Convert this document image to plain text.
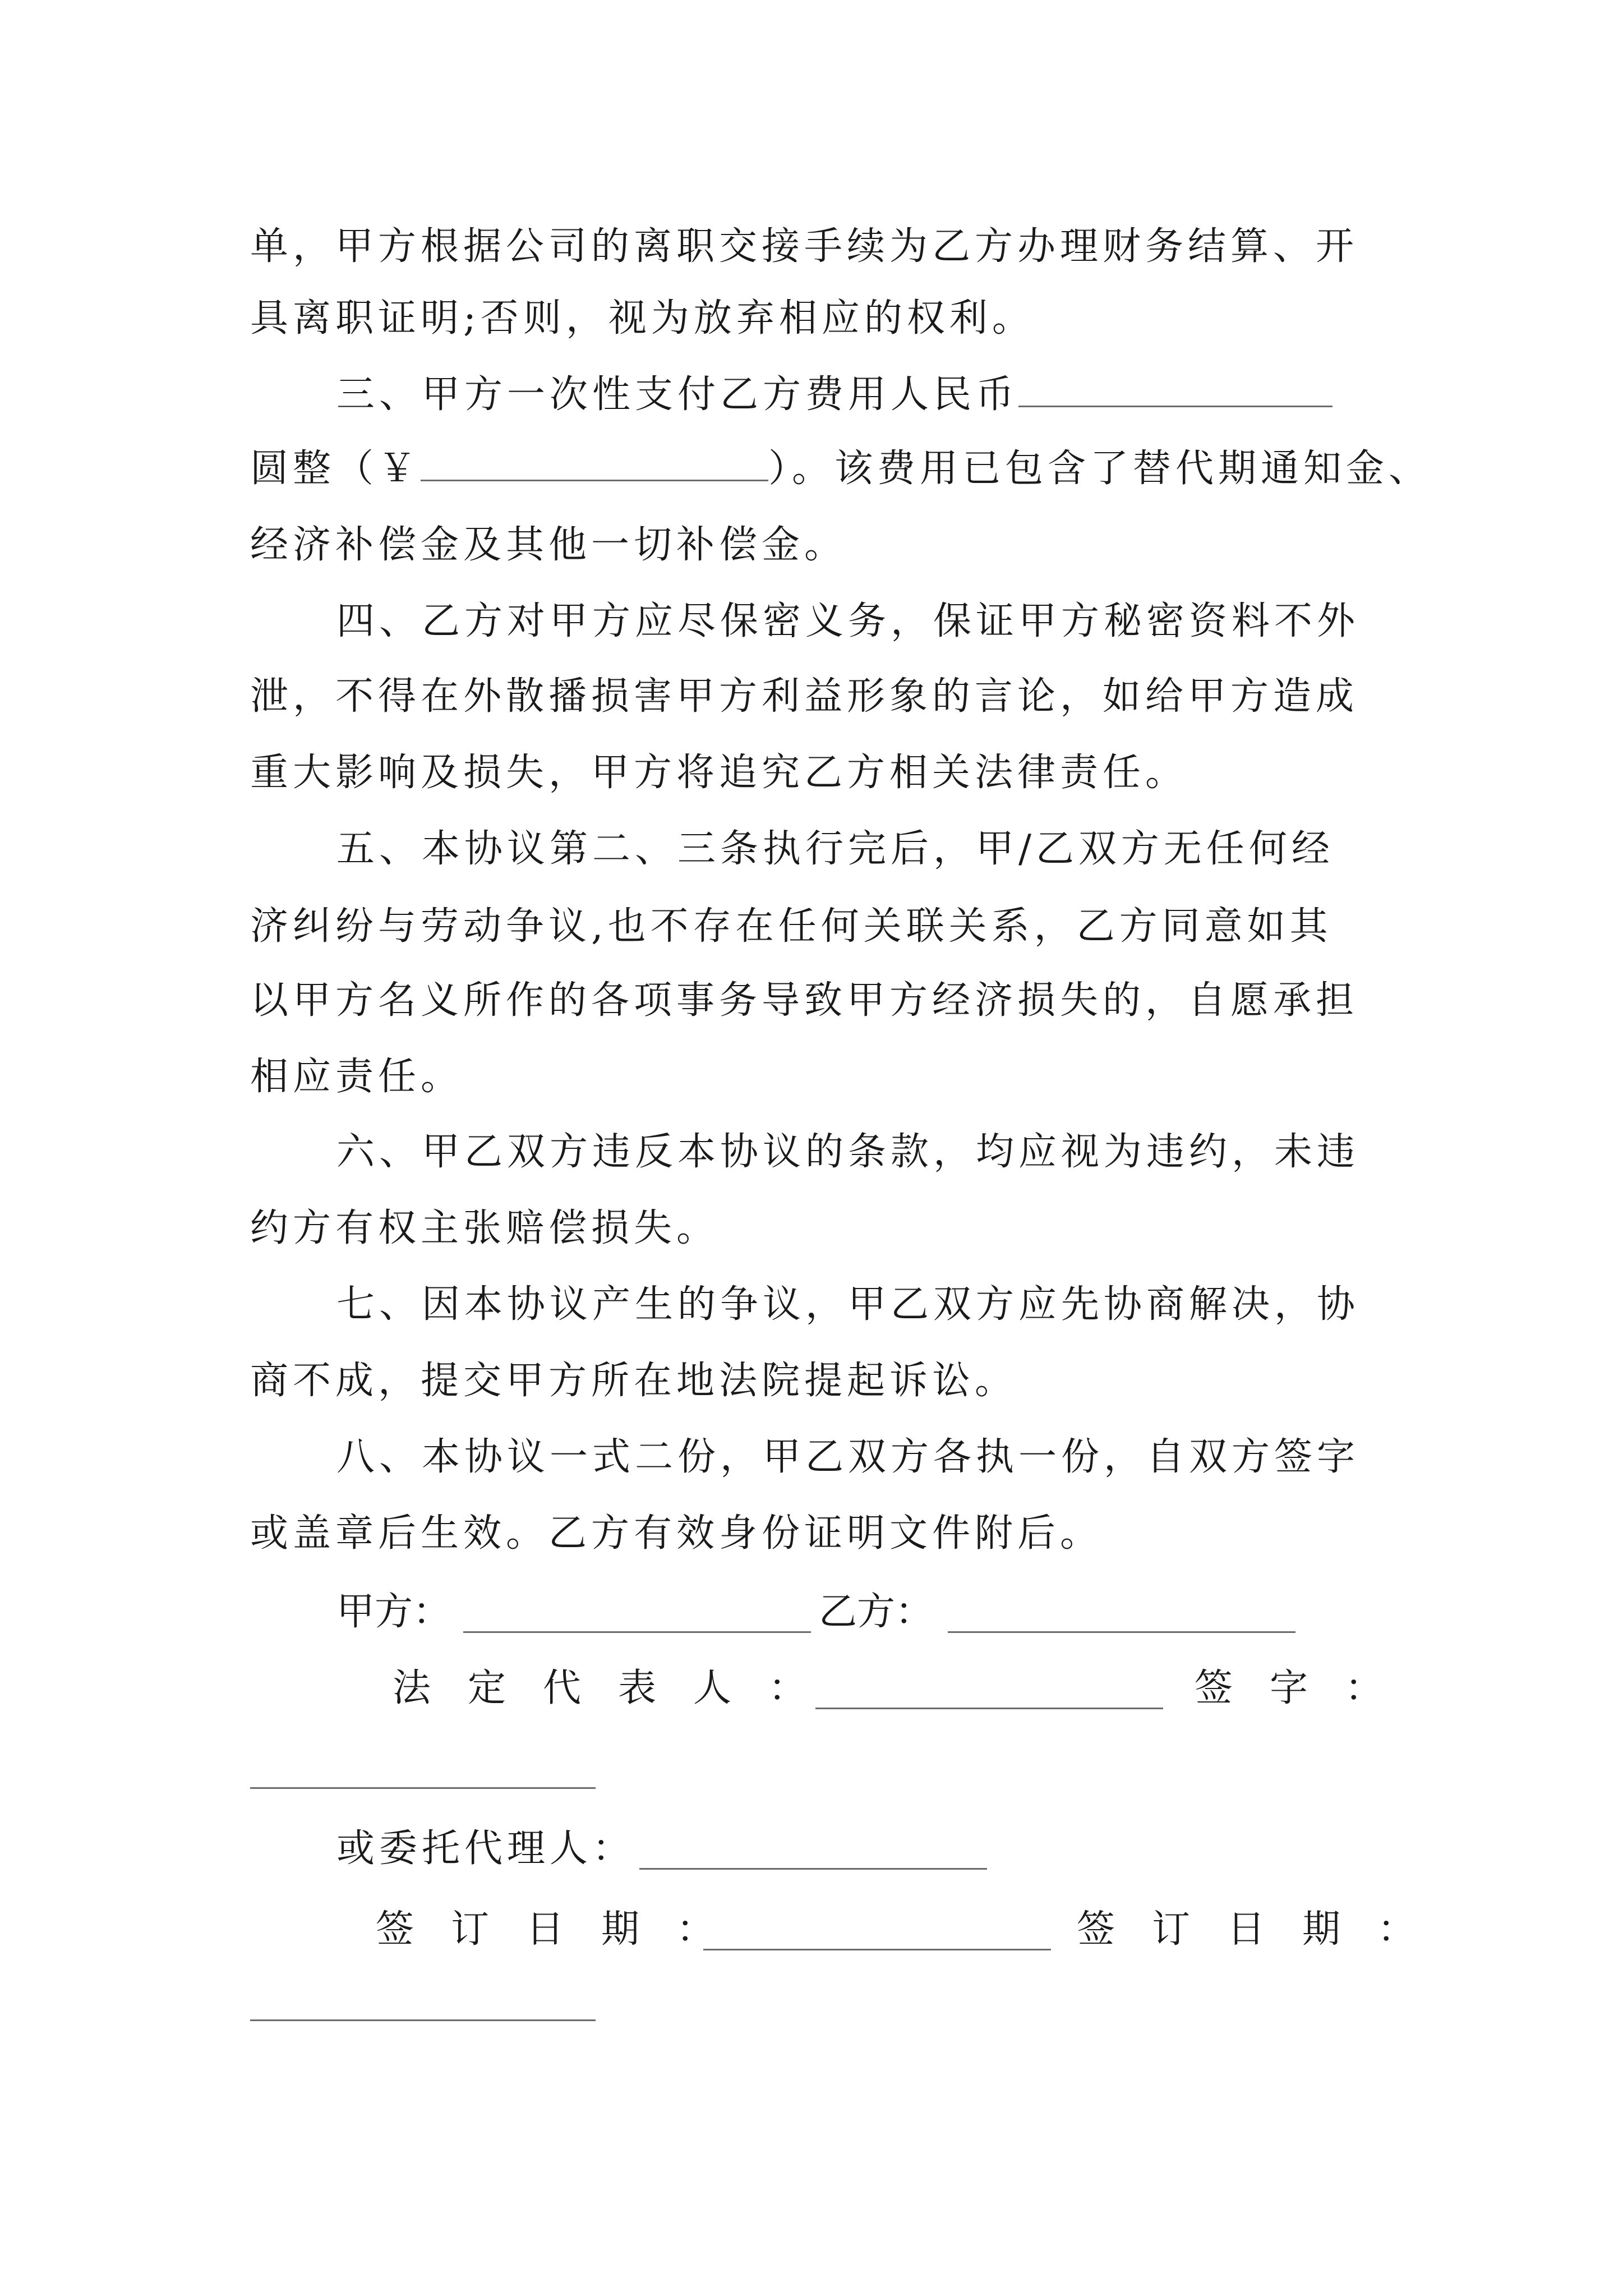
单，甲方根据公司的离职交接手续为乙方办理财务结算、开
具离职证明;否则，视为放弃相应的权利。
三、甲方一次性支付乙方费用人民币
圆整（￥	）。该费用已包含了替代期通知金、
经济补偿金及其他一切补偿金。
四、乙方对甲方应尽保密义务，保证甲方秘密资料不外
泄，不得在外散播损害甲方利益形象的言论，如给甲方造成
重大影响及损失，甲方将追究乙方相关法律责任。
五、本协议第二、三条执行完后，甲/乙双方无任何经
济纠纷与劳动争议,也不存在任何关联关系，乙方同意如其
以甲方名义所作的各项事务导致甲方经济损失的，自愿承担
相应责任。
六、甲乙双方违反本协议的条款，均应视为违约，未违
约方有权主张赔偿损失。
七、因本协议产生的争议，甲乙双方应先协商解决，协
商不成，提交甲方所在地法院提起诉讼。
八、本协议一式二份，甲乙双方各执一份，自双方签字
或盖章后生效。乙方有效身份证明文件附后。
甲方：	乙方：
法定代表人：	签字：
或委托代理人：
签订日期：	签订日期：
